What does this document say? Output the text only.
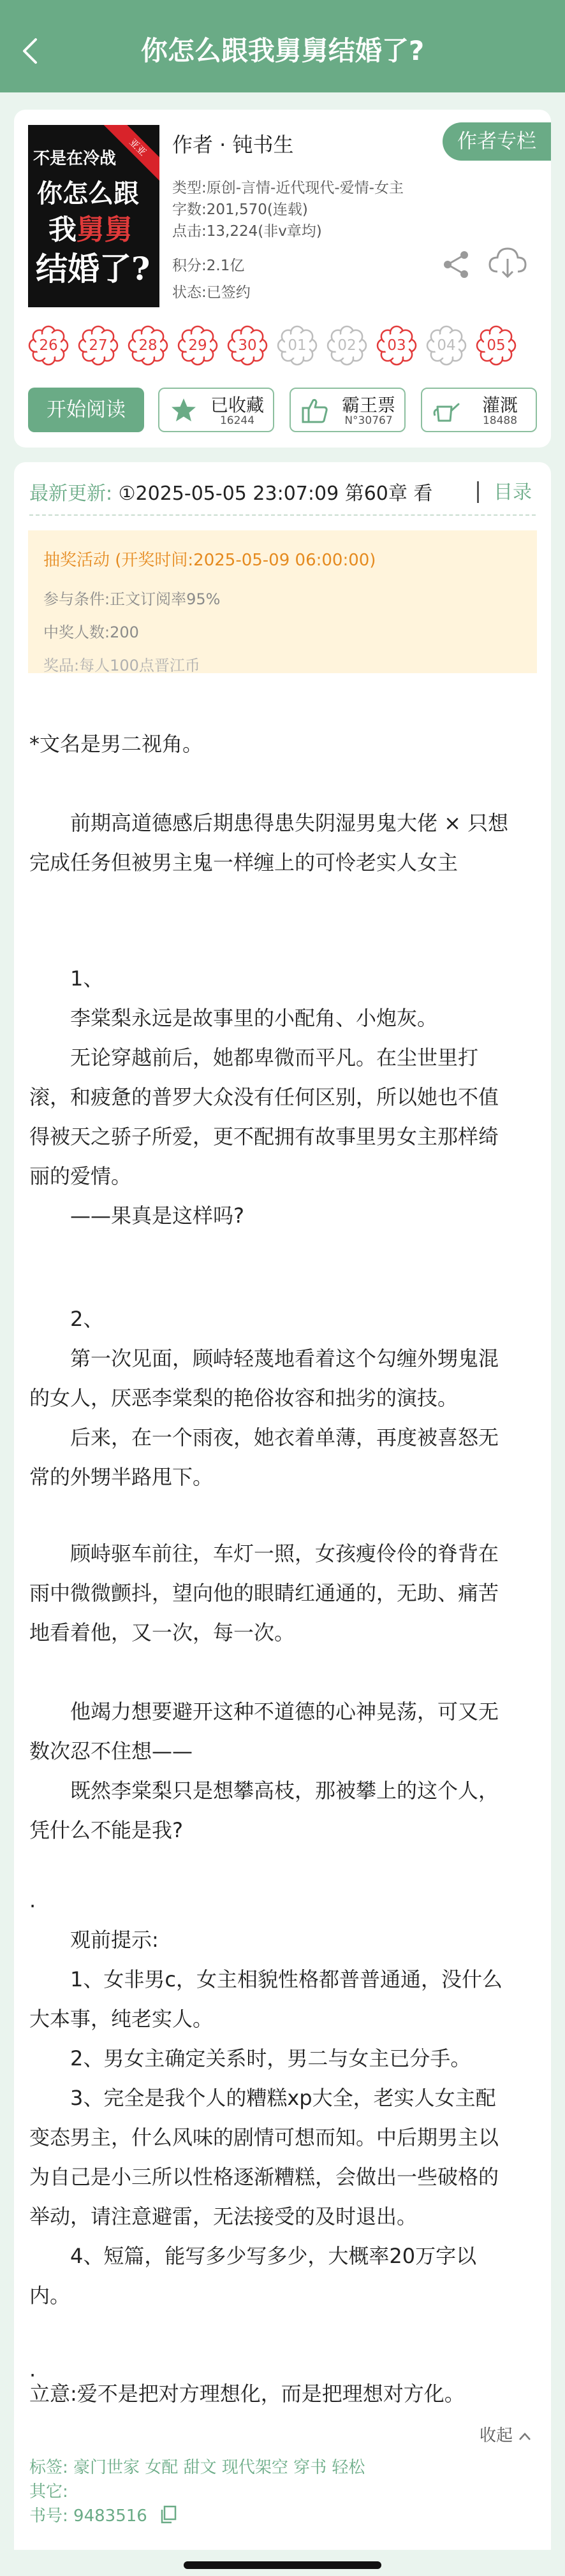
你怎么跟我舅舅结婚了?
不是在冷战
你怎么跟
我舅舅
结婚了?
亚亚	作者 · 钝书生	作者专栏
类型:原创-言情-近代现代-爱情-女主
字数:201,570(连载)
点击:13,224(非v章均)
积分:2.1亿
状态:已签约
26	27	28	29	30	01	02	03	04	05
开始阅读	已收藏
16244
霸王票
N°30767
灌溉
18488
最新更新: ①2025-05-05 23:07:09 第60章 看	目录
抽奖活动 (开奖时间:2025-05-09 06:00:00)
参与条件:正文订阅率95%
中奖人数:200
奖品:每人100点晋江币

*文名是男二视角。

　　前期高道德感后期患得患失阴湿男鬼大佬 × 只想

完成任务但被男主鬼一样缠上的可怜老实人女主

　　1、

　　李棠梨永远是故事里的小配角、小炮灰。

　　无论穿越前后，她都卑微而平凡。在尘世里打

滚，和疲惫的普罗大众没有任何区别，所以她也不值

得被天之骄子所爱，更不配拥有故事里男女主那样绮

丽的爱情。

　　——果真是这样吗?

　　2、

　　第一次见面，顾峙轻蔑地看着这个勾缠外甥鬼混

的女人，厌恶李棠梨的艳俗妆容和拙劣的演技。

　　后来，在一个雨夜，她衣着单薄，再度被喜怒无

常的外甥半路甩下。

　　顾峙驱车前往，车灯一照，女孩瘦伶伶的脊背在

雨中微微颤抖，望向他的眼睛红通通的，无助、痛苦

地看着他，又一次，每一次。

　　他竭力想要避开这种不道德的心神晃荡，可又无

数次忍不住想——

　　既然李棠梨只是想攀高枝，那被攀上的这个人，

凭什么不能是我?

.

　　观前提示:

　　1、女非男c，女主相貌性格都普普通通，没什么

大本事，纯老实人。

　　2、男女主确定关系时，男二与女主已分手。

　　3、完全是我个人的糟糕xp大全，老实人女主配

变态男主，什么风味的剧情可想而知。中后期男主以

为自己是小三所以性格逐渐糟糕，会做出一些破格的

举动，请注意避雷，无法接受的及时退出。

　　4、短篇，能写多少写多少，大概率20万字以

内。

.

立意:爱不是把对方理想化，而是把理想对方化。

收起
标签: 豪门世家 女配 甜文 现代架空 穿书 轻松
其它:
书号: 9483516
